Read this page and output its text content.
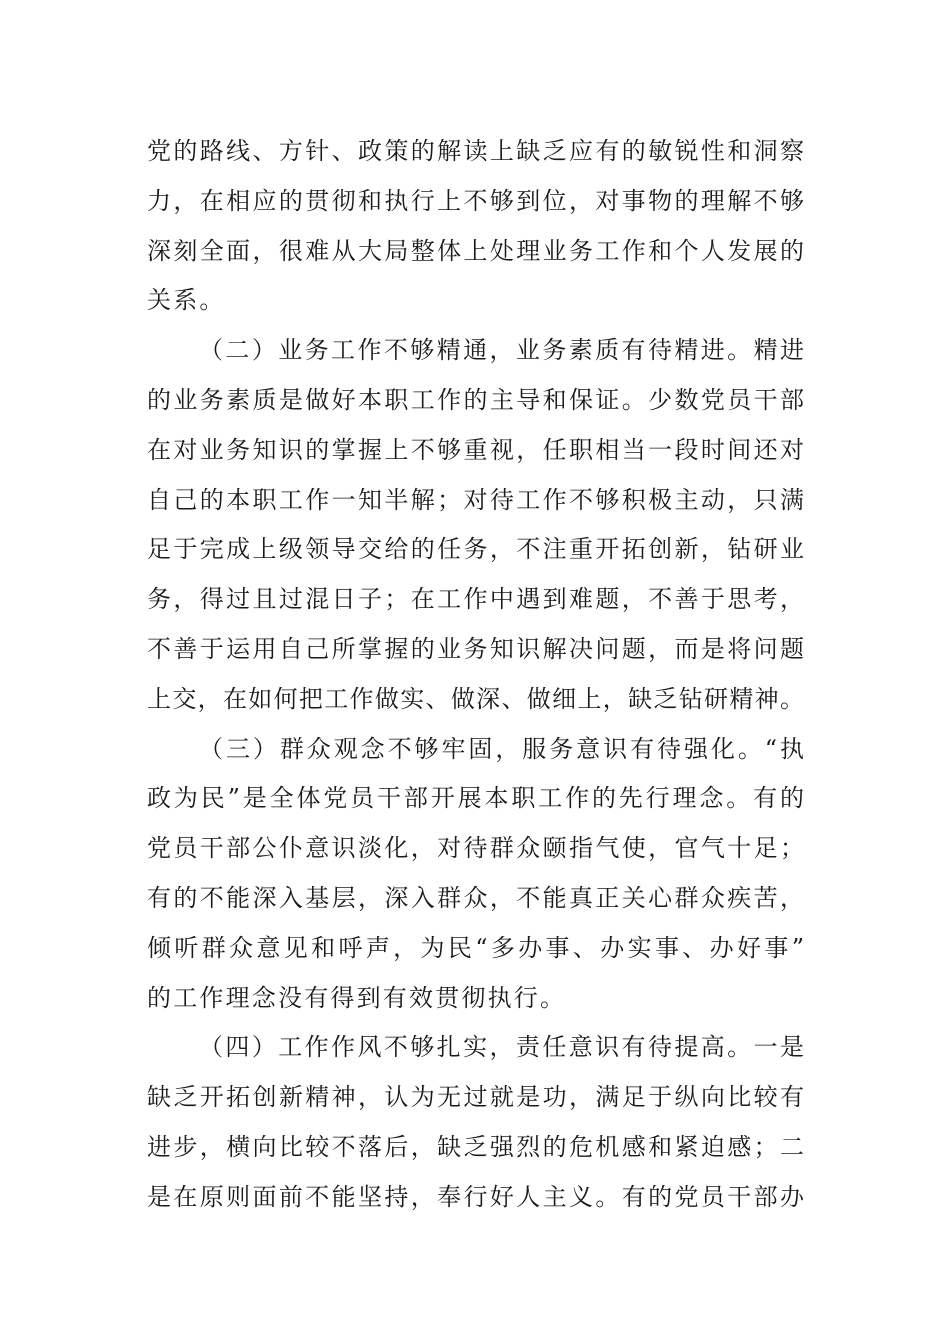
党的路线、方针、政策的解读上缺乏应有的敏锐性和洞察
力，在相应的贯彻和执行上不够到位，对事物的理解不够
深刻全面，很难从大局整体上处理业务工作和个人发展的
关系。
（二）业务工作不够精通，业务素质有待精进。精进
的业务素质是做好本职工作的主导和保证。少数党员干部
在对业务知识的掌握上不够重视，任职相当一段时间还对
自己的本职工作一知半解；对待工作不够积极主动，只满
足于完成上级领导交给的任务，不注重开拓创新，钻研业
务，得过且过混日子；在工作中遇到难题，不善于思考，
不善于运用自己所掌握的业务知识解决问题，而是将问题
上交，在如何把工作做实、做深、做细上，缺乏钻研精神。
（三）群众观念不够牢固，服务意识有待强化。“执
政为民”是全体党员干部开展本职工作的先行理念。有的
党员干部公仆意识淡化，对待群众颐指气使，官气十足；
有的不能深入基层，深入群众，不能真正关心群众疾苦，
倾听群众意见和呼声，为民“多办事、办实事、办好事”
的工作理念没有得到有效贯彻执行。
（四）工作作风不够扎实，责任意识有待提高。一是
缺乏开拓创新精神，认为无过就是功，满足于纵向比较有
进步，横向比较不落后，缺乏强烈的危机感和紧迫感；二
是在原则面前不能坚持，奉行好人主义。有的党员干部办
